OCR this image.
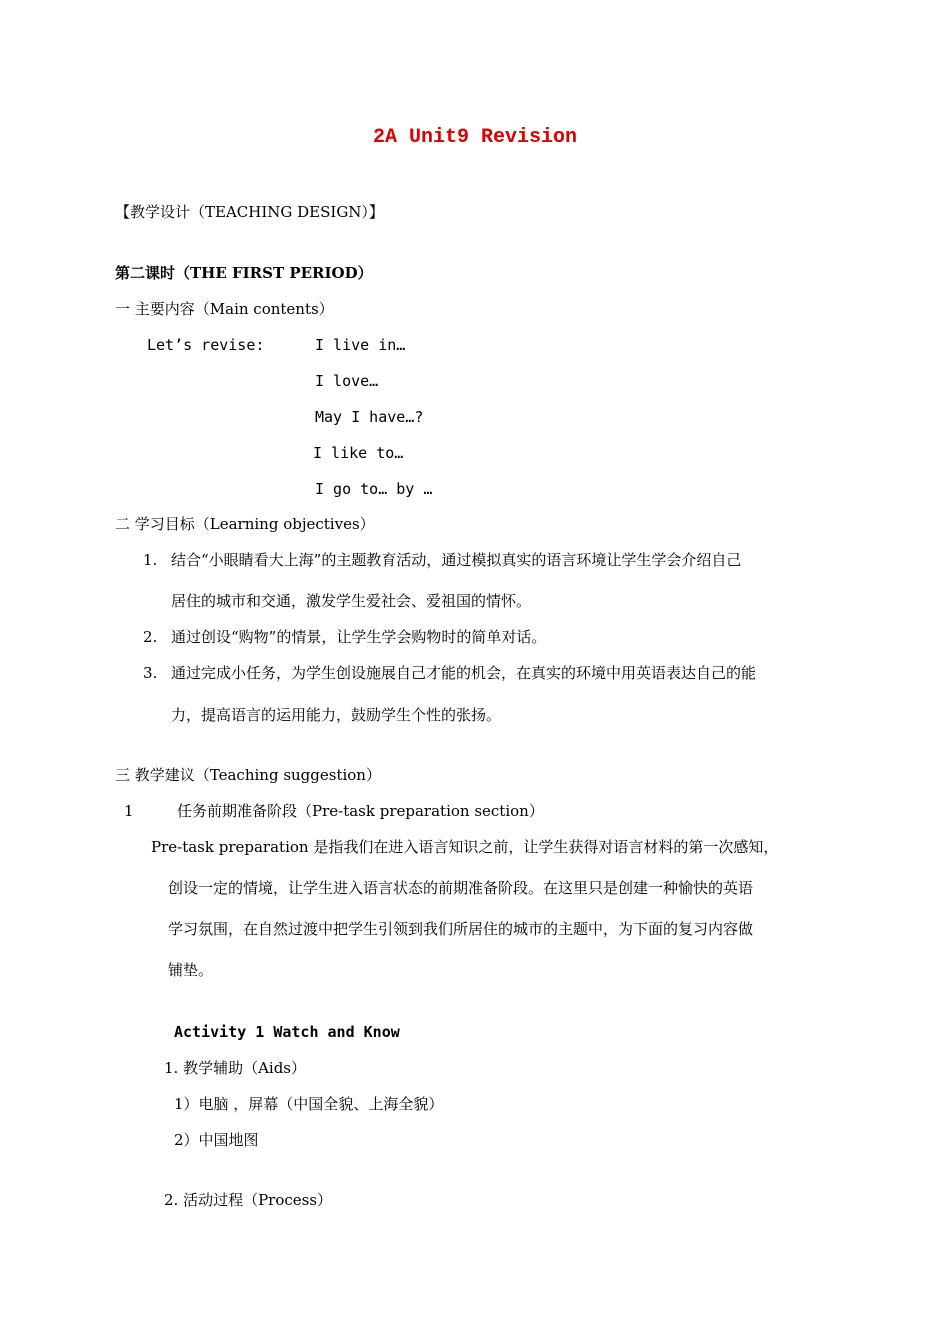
2A Unit9 Revision
【教学设计（TEACHING DESIGN）】
第二课时（THE FIRST PERIOD）
一 主要内容（Main contents）
Let’s revise:	I live in…
I love…
May I have…?
I like to…
I go to… by …
二 学习目标（Learning objectives）
1. 结合“小眼睛看大上海”的主题教育活动，通过模拟真实的语言环境让学生学会介绍自己
居住的城市和交通，激发学生爱社会、爱祖国的情怀。
2. 通过创设“购物”的情景，让学生学会购物时的简单对话。
3. 通过完成小任务，为学生创设施展自己才能的机会，在真实的环境中用英语表达自己的能
力，提高语言的运用能力，鼓励学生个性的张扬。
三 教学建议（Teaching suggestion）
1	任务前期准备阶段（Pre-task preparation section）
Pre-task preparation 是指我们在进入语言知识之前，让学生获得对语言材料的第一次感知，
创设一定的情境，让学生进入语言状态的前期准备阶段。在这里只是创建一种愉快的英语
学习氛围，在自然过渡中把学生引领到我们所居住的城市的主题中，为下面的复习内容做
铺垫。
Activity 1 Watch and Know
1. 教学辅助（Aids）
1）电脑 ，屏幕（中国全貌、上海全貌）
2）中国地图
2. 活动过程（Process）
